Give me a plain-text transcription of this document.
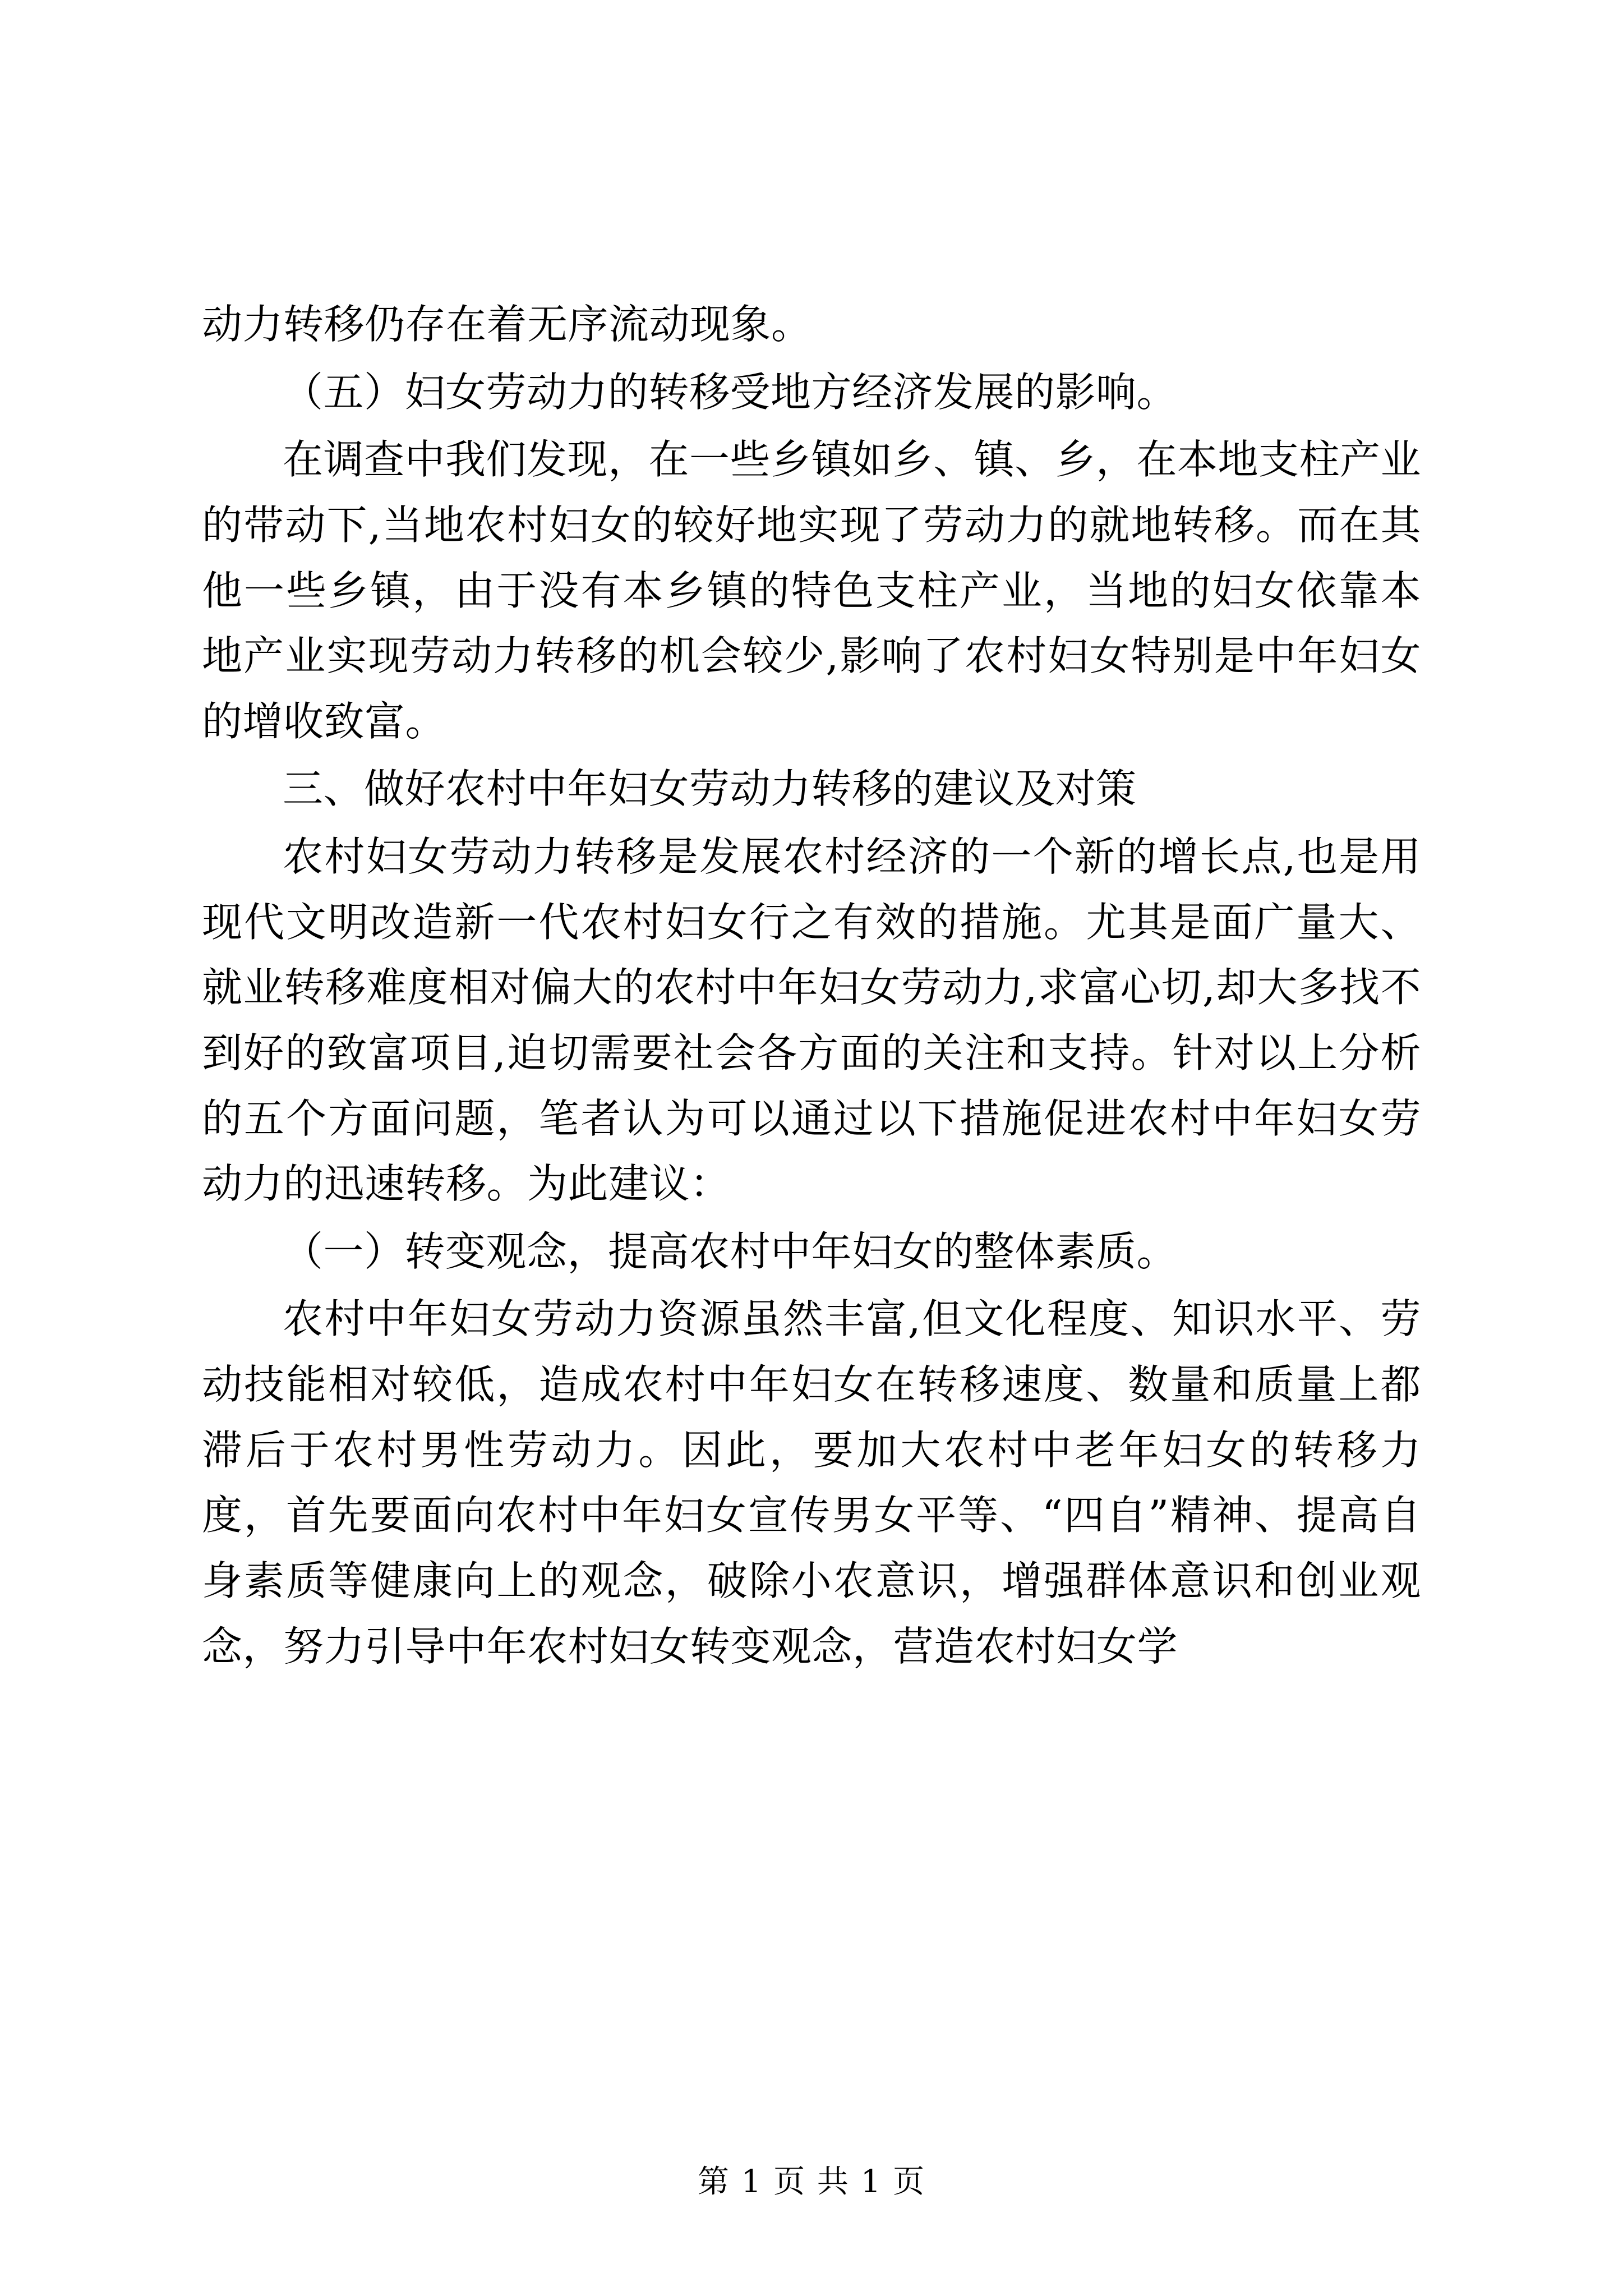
动力转移仍存在着无序流动现象。

（五）妇女劳动力的转移受地方经济发展的影响。

在调查中我们发现，在一些乡镇如乡、镇、乡，在本地支柱产业的带动下,当地农村妇女的较好地实现了劳动力的就地转移。而在其他一些乡镇，由于没有本乡镇的特色支柱产业，当地的妇女依靠本地产业实现劳动力转移的机会较少,影响了农村妇女特别是中年妇女的增收致富。

三、做好农村中年妇女劳动力转移的建议及对策

农村妇女劳动力转移是发展农村经济的一个新的增长点,也是用现代文明改造新一代农村妇女行之有效的措施。尤其是面广量大、就业转移难度相对偏大的农村中年妇女劳动力,求富心切,却大多找不到好的致富项目,迫切需要社会各方面的关注和支持。针对以上分析的五个方面问题，笔者认为可以通过以下措施促进农村中年妇女劳动力的迅速转移。为此建议：

（一）转变观念，提高农村中年妇女的整体素质。

农村中年妇女劳动力资源虽然丰富,但文化程度、知识水平、劳动技能相对较低，造成农村中年妇女在转移速度、数量和质量上都滞后于农村男性劳动力。因此，要加大农村中老年妇女的转移力度，首先要面向农村中年妇女宣传男女平等、“四自”精神、提高自身素质等健康向上的观念，破除小农意识，增强群体意识和创业观念，努力引导中年农村妇女转变观念，营造农村妇女学

第 1 页 共 1 页
